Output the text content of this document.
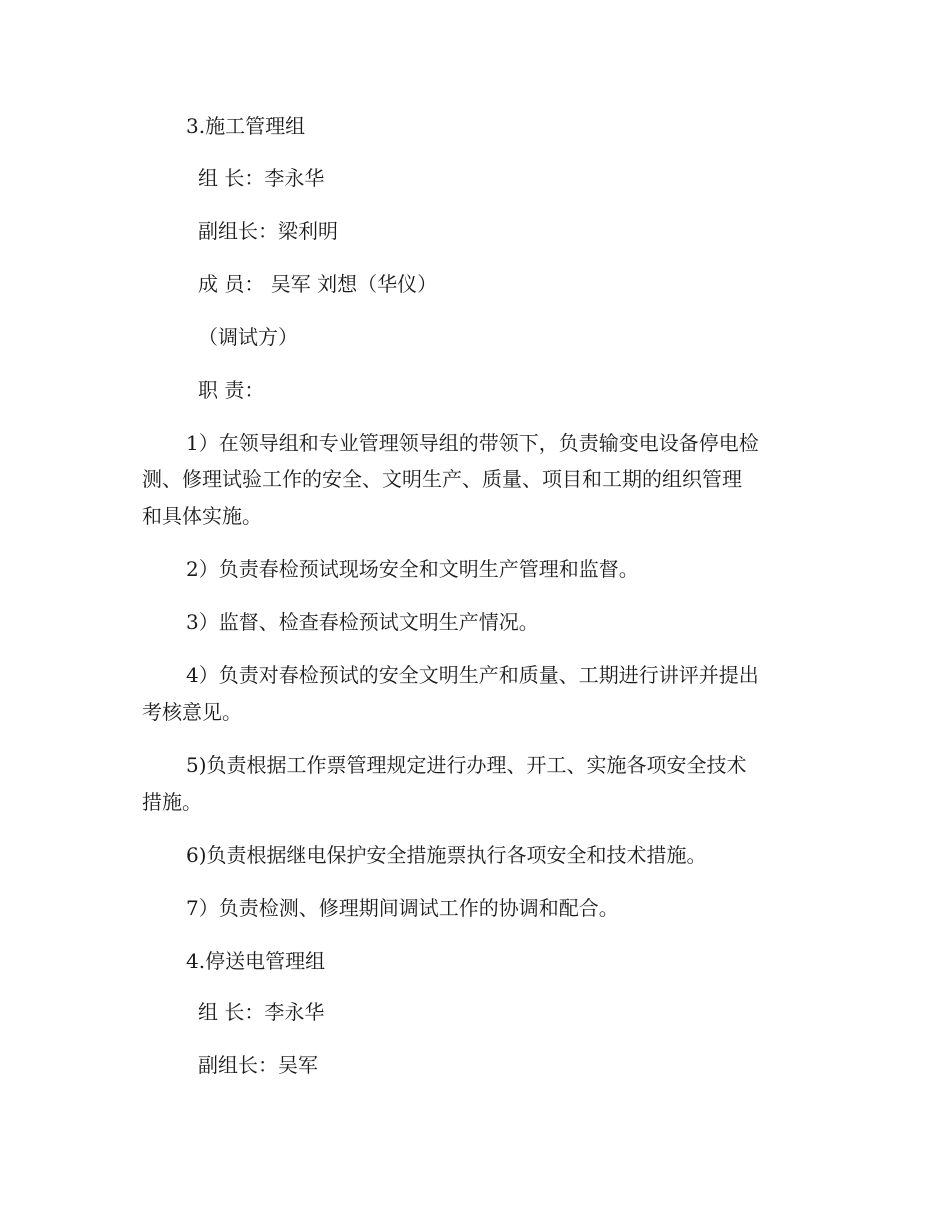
3.施工管理组
组 长：李永华
副组长：梁利明
成 员： 吴军 刘想（华仪）
（调试方）
职 责：
1）在领导组和专业管理领导组的带领下，负责输变电设备停电检
测、修理试验工作的安全、文明生产、质量、项目和工期的组织管理
和具体实施。
2）负责春检预试现场安全和文明生产管理和监督。
3）监督、检查春检预试文明生产情况。
4）负责对春检预试的安全文明生产和质量、工期进行讲评并提出
考核意见。
5)负责根据工作票管理规定进行办理、开工、实施各项安全技术
措施。
6)负责根据继电保护安全措施票执行各项安全和技术措施。
7）负责检测、修理期间调试工作的协调和配合。
4.停送电管理组
组 长：李永华
副组长：吴军
